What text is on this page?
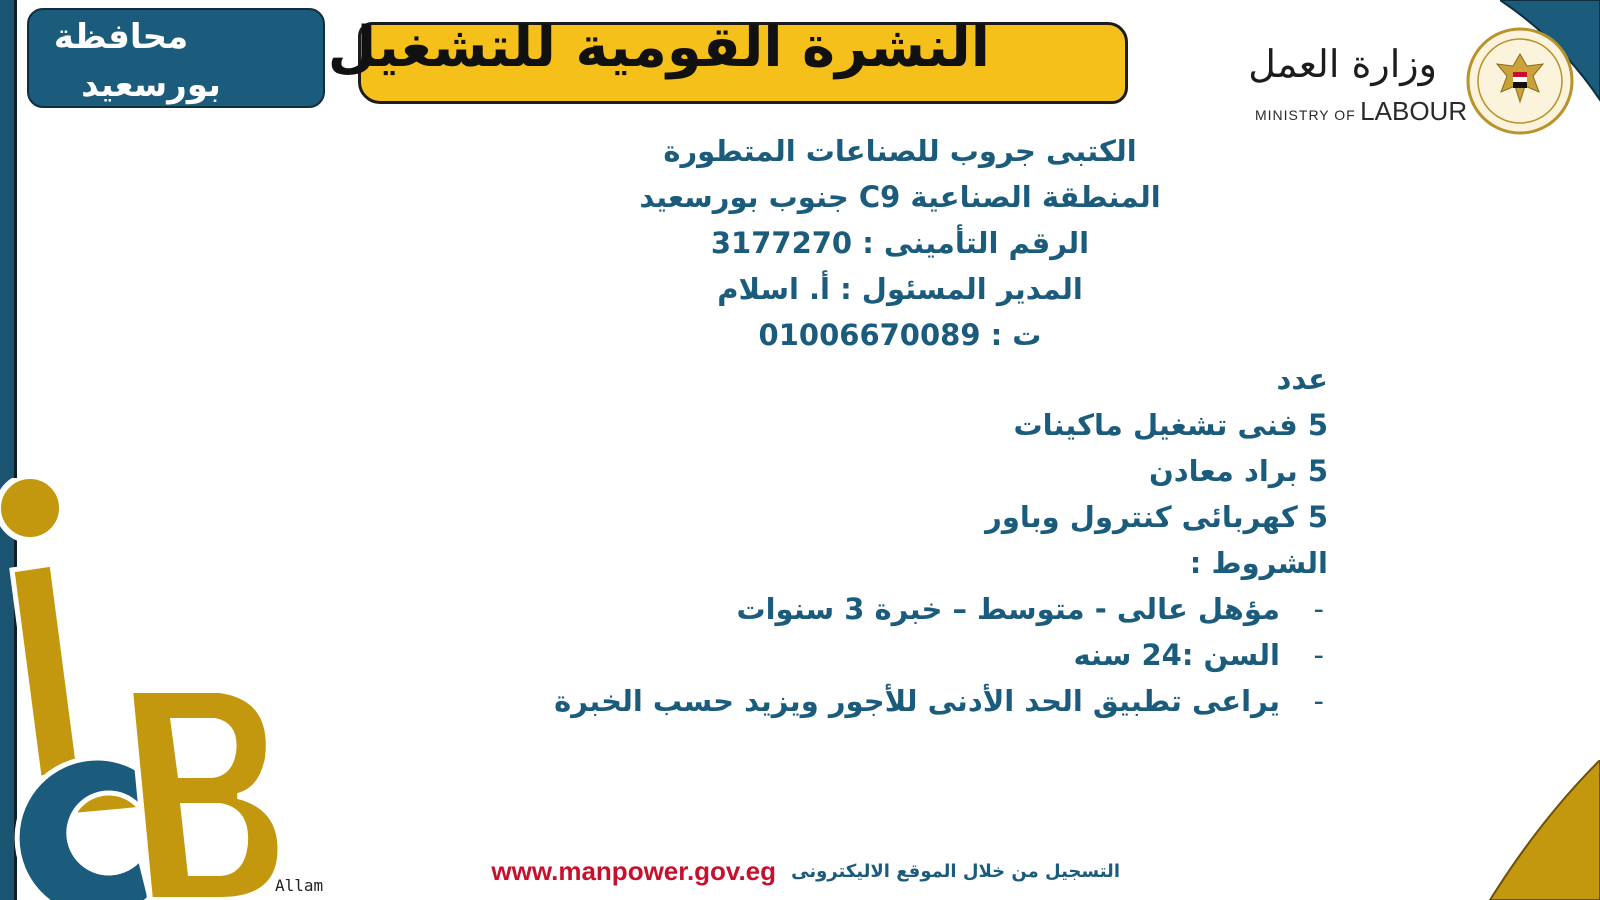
محافظة
بورسعيد
النشرة القومية للتشغيل	وزارة العمل
MINISTRY OF LABOUR
الكتبى جروب للصناعات المتطورة
المنطقة الصناعية C9 جنوب بورسعيد
الرقم التأمينى : 3177270
المدير المسئول : أ. اسلام
ت : 01006670089
عدد
5 فنى تشغيل ماكينات
5 براد معادن
5 كهربائى كنترول وباور
الشروط :
- مؤهل عالى - متوسط – خبرة 3 سنوات
- السن :24 سنه
- يراعى تطبيق الحد الأدنى للأجور ويزيد حسب الخبرة
التسجيل من خلال الموقع الاليكترونى www.manpower.gov.eg
Allam
